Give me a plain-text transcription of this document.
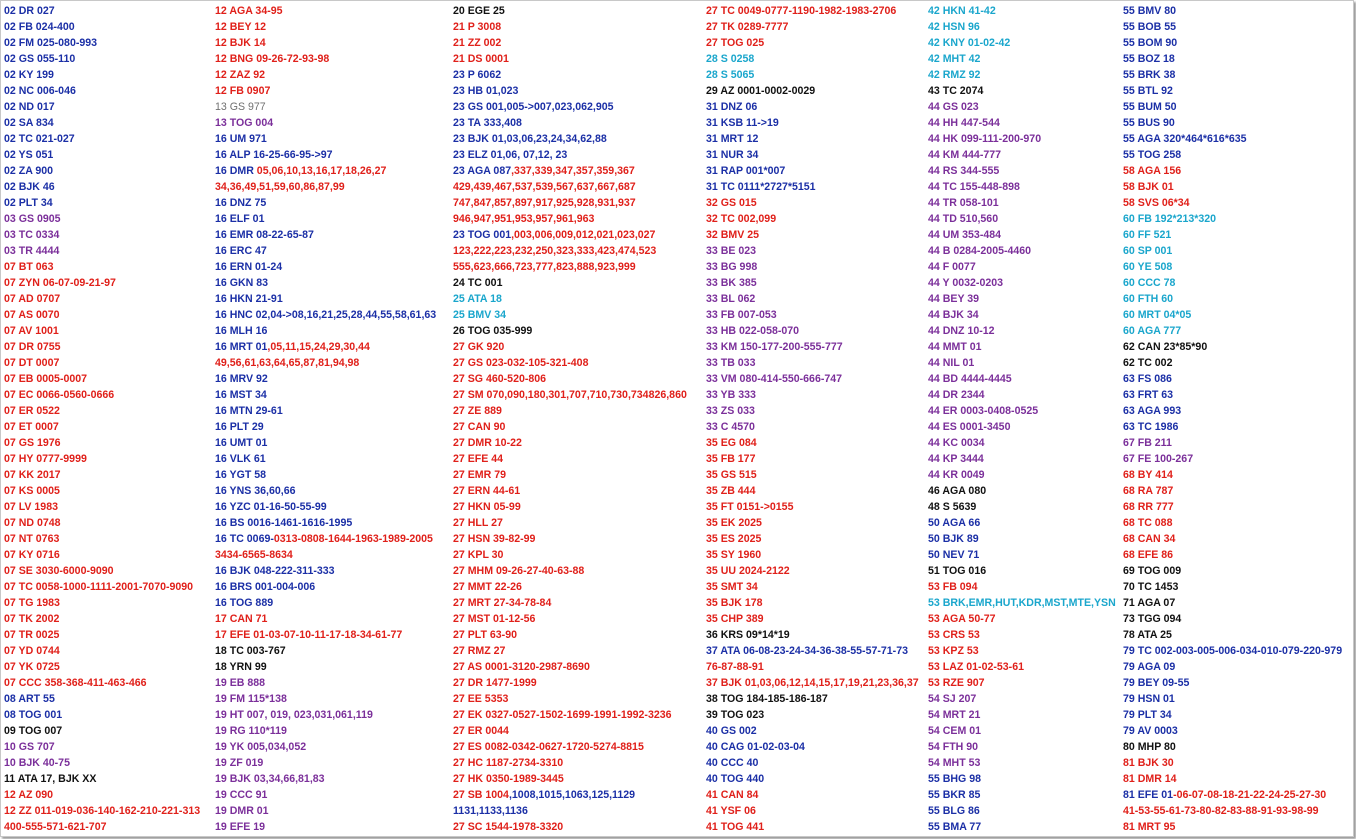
02 DR 027
02 FB 024-400
02 FM 025-080-993
02 GS 055-110
02 KY 199
02 NC 006-046
02 ND 017
02 SA 834
02 TC 021-027
02 YS 051
02 ZA 900
02 BJK 46
02 PLT 34
03 GS 0905
03 TC 0334
03 TR 4444
07 BT 063
07 ZYN 06-07-09-21-97
07 AD 0707
07 AS 0070
07 AV 1001
07 DR 0755
07 DT 0007
07 EB 0005-0007
07 EC 0066-0560-0666
07 ER 0522
07 ET 0007
07 GS 1976
07 HY 0777-9999
07 KK 2017
07 KS 0005
07 LV 1983
07 ND 0748
07 NT 0763
07 KY 0716
07 SE 3030-6000-9090
07 TC 0058-1000-1111-2001-7070-9090
07 TG 1983
07 TK 2002
07 TR 0025
07 YD 0744
07 YK 0725
07 CCC 358-368-411-463-466
08 ART 55
08 TOG 001
09 TOG 007
10 GS 707
10 BJK 40-75
11 ATA 17, BJK XX
12 AZ 090
12 ZZ 011-019-036-140-162-210-221-313
400-555-571-621-707
12 AGA 34-95
12 BEY 12
12 BJK 14
12 BNG 09-26-72-93-98
12 ZAZ 92
12 FB 0907
13 GS 977
13 TOG 004
16 UM 971
16 ALP 16-25-66-95->97
16 DMR 05,06,10,13,16,17,18,26,27
34,36,49,51,59,60,86,87,99
16 DNZ 75
16 ELF 01
16 EMR 08-22-65-87
16 ERC 47
16 ERN 01-24
16 GKN 83
16 HKN 21-91
16 HNC 02,04->08,16,21,25,28,44,55,58,61,63
16 MLH 16
16 MRT 01,05,11,15,24,29,30,44
49,56,61,63,64,65,87,81,94,98
16 MRV 92
16 MST 34
16 MTN 29-61
16 PLT 29
16 UMT 01
16 VLK 61
16 YGT 58
16 YNS 36,60,66
16 YZC 01-16-50-55-99
16 BS 0016-1461-1616-1995
16 TC 0069-0313-0808-1644-1963-1989-2005
3434-6565-8634
16 BJK 048-222-311-333
16 BRS 001-004-006
16 TOG 889
17 CAN 71
17 EFE 01-03-07-10-11-17-18-34-61-77
18 TC 003-767
18 YRN 99
19 EB 888
19 FM 115*138
19 HT 007, 019, 023,031,061,119
19 RG 110*119
19 YK 005,034,052
19 ZF 019
19 BJK 03,34,66,81,83
19 CCC 91
19 DMR 01
19 EFE 19
20 EGE 25
21 P 3008
21 ZZ 002
21 DS 0001
23 P 6062
23 HB 01,023
23 GS 001,005->007,023,062,905
23 TA 333,408
23 BJK 01,03,06,23,24,34,62,88
23 ELZ 01,06, 07,12, 23
23 AGA 087,337,339,347,357,359,367
429,439,467,537,539,567,637,667,687
747,847,857,897,917,925,928,931,937
946,947,951,953,957,961,963
23 TOG 001,003,006,009,012,021,023,027
123,222,223,232,250,323,333,423,474,523
555,623,666,723,777,823,888,923,999
24 TC 001
25 ATA 18
25 BMV 34
26 TOG 035-999
27 GK 920
27 GS 023-032-105-321-408
27 SG 460-520-806
27 SM 070,090,180,301,707,710,730,734826,860
27 ZE 889
27 CAN 90
27 DMR 10-22
27 EFE 44
27 EMR 79
27 ERN 44-61
27 HKN 05-99
27 HLL 27
27 HSN 39-82-99
27 KPL 30
27 MHM 09-26-27-40-63-88
27 MMT 22-26
27 MRT 27-34-78-84
27 MST 01-12-56
27 PLT 63-90
27 RMZ 27
27 AS 0001-3120-2987-8690
27 DR 1477-1999
27 EE 5353
27 EK 0327-0527-1502-1699-1991-1992-3236
27 ER 0044
27 ES 0082-0342-0627-1720-5274-8815
27 HC 1187-2734-3310
27 HK 0350-1989-3445
27 SB 1004,1008,1015,1063,125,1129
1131,1133,1136
27 SC 1544-1978-3320
27 TC 0049-0777-1190-1982-1983-2706
27 TK 0289-7777
27 TOG 025
28 S 0258
28 S 5065
29 AZ 0001-0002-0029
31 DNZ 06
31 KSB 11->19
31 MRT 12
31 NUR 34
31 RAP 001*007
31 TC 0111*2727*5151
32 GS 015
32 TC 002,099
32 BMV 25
33 BE 023
33 BG 998
33 BK 385
33 BL 062
33 FB 007-053
33 HB 022-058-070
33 KM 150-177-200-555-777
33 TB 033
33 VM 080-414-550-666-747
33 YB 333
33 ZS 033
33 C 4570
35 EG 084
35 FB 177
35 GS 515
35 ZB 444
35 FT 0151->0155
35 EK 2025
35 ES 2025
35 SY 1960
35 UU 2024-2122
35 SMT 34
35 BJK 178
35 CHP 389
36 KRS 09*14*19
37 ATA 06-08-23-24-34-36-38-55-57-71-73
76-87-88-91
37 BJK 01,03,06,12,14,15,17,19,21,23,36,37
38 TOG 184-185-186-187
39 TOG 023
40 GS 002
40 CAG 01-02-03-04
40 CCC 40
40 TOG 440
41 CAN 84
41 YSF 06
41 TOG 441
42 HKN 41-42
42 HSN 96
42 KNY 01-02-42
42 MHT 42
42 RMZ 92
43 TC 2074
44 GS 023
44 HH 447-544
44 HK 099-111-200-970
44 KM 444-777
44 RS 344-555
44 TC 155-448-898
44 TR 058-101
44 TD 510,560
44 UM 353-484
44 B 0284-2005-4460
44 F 0077
44 Y 0032-0203
44 BEY 39
44 BJK 34
44 DNZ 10-12
44 MMT 01
44 NIL 01
44 BD 4444-4445
44 DR 2344
44 ER 0003-0408-0525
44 ES 0001-3450
44 KC 0034
44 KP 3444
44 KR 0049
46 AGA 080
48 S 5639
50 AGA 66
50 BJK 89
50 NEV 71
51 TOG 016
53 FB 094
53 BRK,EMR,HUT,KDR,MST,MTE,YSN
53 AGA 50-77
53 CRS 53
53 KPZ 53
53 LAZ 01-02-53-61
53 RZE 907
54 SJ 207
54 MRT 21
54 CEM 01
54 FTH 90
54 MHT 53
55 BHG 98
55 BKR 85
55 BLG 86
55 BMA 77
55 BMV 80
55 BOB 55
55 BOM 90
55 BOZ 18
55 BRK 38
55 BTL 92
55 BUM 50
55 BUS 90
55 AGA 320*464*616*635
55 TOG 258
58 AGA 156
58 BJK 01
58 SVS 06*34
60 FB 192*213*320
60 FF 521
60 SP 001
60 YE 508
60 CCC 78
60 FTH 60
60 MRT 04*05
60 AGA 777
62 CAN 23*85*90
62 TC 002
63 FS 086
63 FRT 63
63 AGA 993
63 TC 1986
67 FB 211
67 FE 100-267
68 BY 414
68 RA 787
68 RR 777
68 TC 088
68 CAN 34
68 EFE 86
69 TOG 009
70 TC 1453
71 AGA 07
73 TGG 094
78 ATA 25
79 TC 002-003-005-006-034-010-079-220-979
79 AGA 09
79 BEY 09-55
79 HSN 01
79 PLT 34
79 AV 0003
80 MHP 80
81 BJK 30
81 DMR 14
81 EFE 01-06-07-08-18-21-22-24-25-27-30
41-53-55-61-73-80-82-83-88-91-93-98-99
81 MRT 95
